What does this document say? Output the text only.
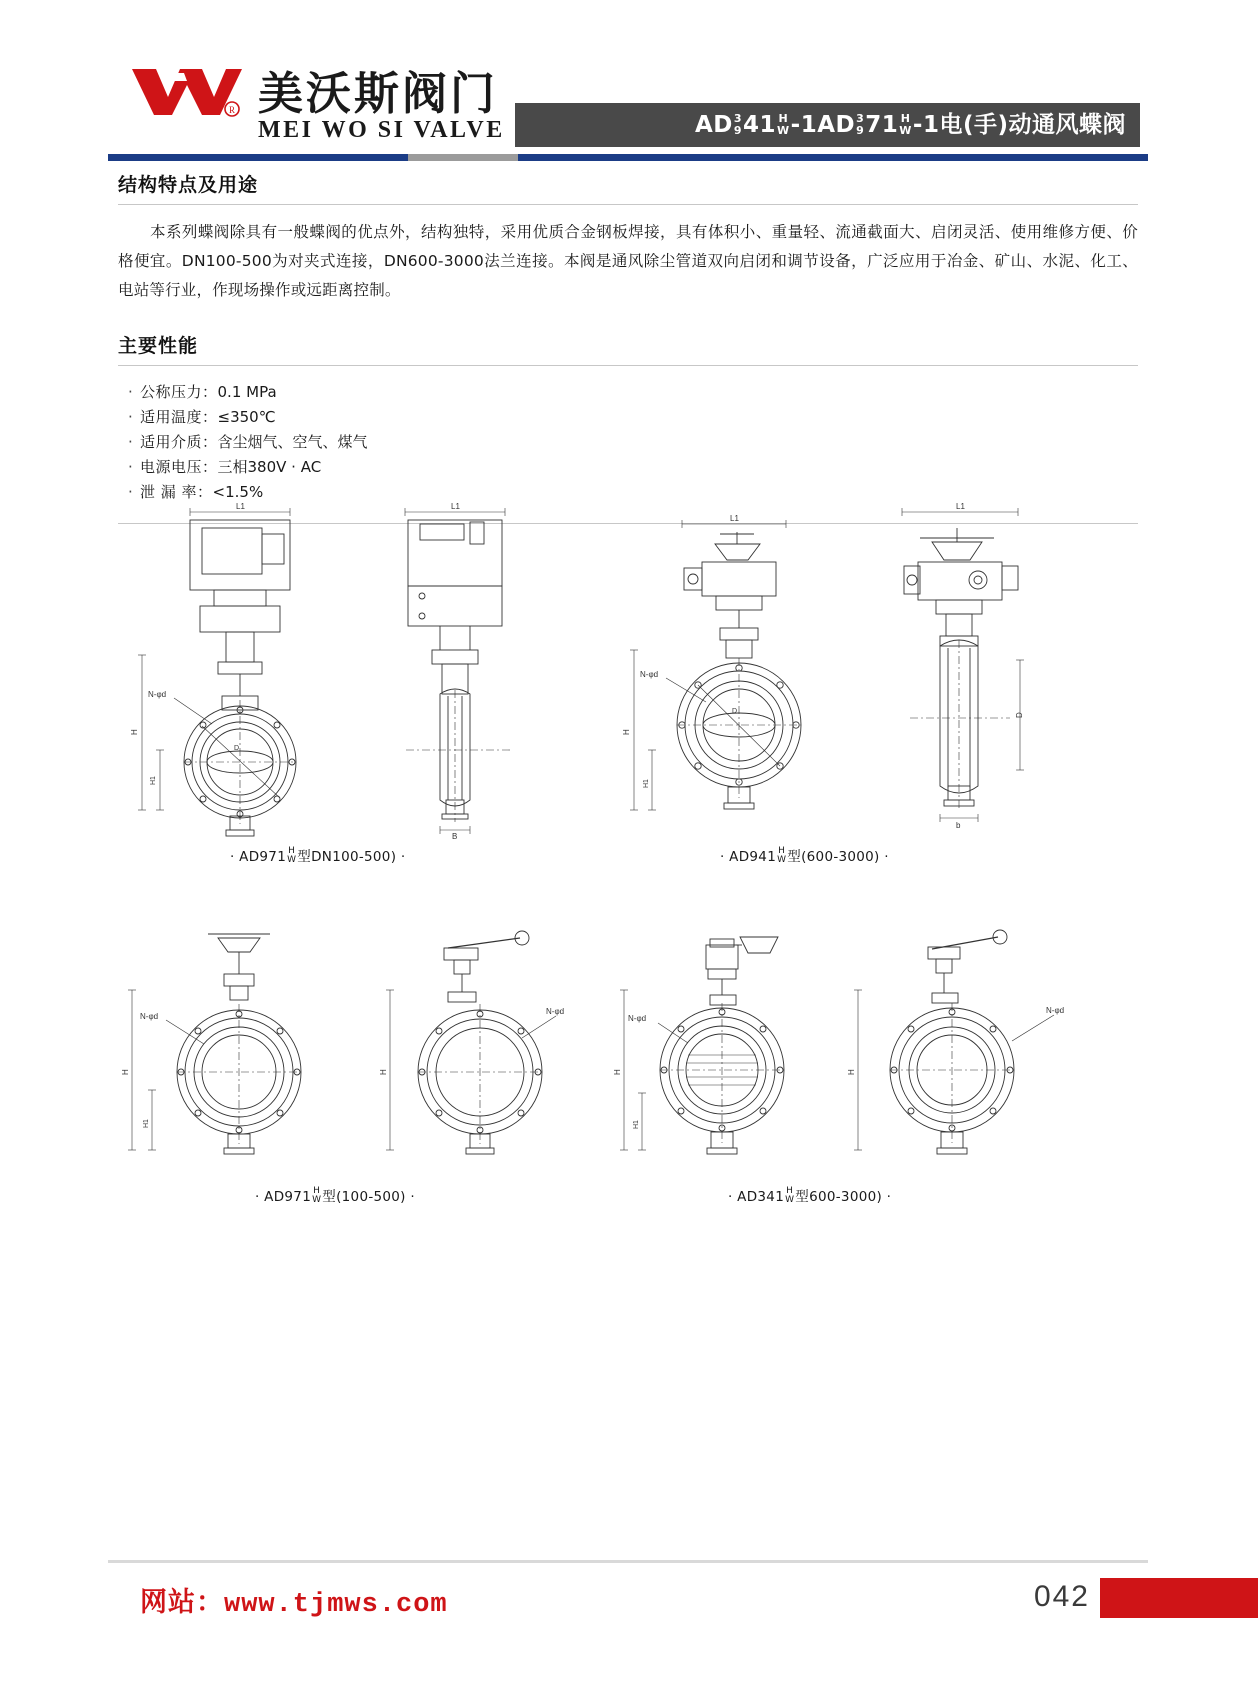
R 美沃斯阀门
MEI WO SI VALVE	AD 3
9 41 H
W -1AD 3
9 71 H
W -1电(手)动通风蝶阀
结构特点及用途
本系列蝶阀除具有一般蝶阀的优点外，结构独特，采用优质合金钢板焊接，具有体积小、重量轻、流通截面大、启闭灵活、使用维修方便、价格便宜。DN100-500为对夹式连接，DN600-3000法兰连接。本阀是通风除尘管道双向启闭和调节设备，广泛应用于冶金、矿山、水泥、化工、电站等行业，作现场操作或远距离控制。
主要性能
· 公称压力：0.1 MPa
· 适用温度：≤350℃
· 适用介质：含尘烟气、空气、煤气
· 电源电压：三相380V · AC
· 泄 漏 率：<1.5%
H
H1
L1
N-φd
D
L1
B
H
H1
L1
N-φd
D
L1
D
b
· AD971 H
W 型DN100-500) ·	· AD941 H
W 型(600-3000) ·
H
H1
N-φd
H
N-φd
H
H1
N-φd
H
N-φd
· AD971 H
W 型(100-500) ·	· AD341 H
W 型600-3000) ·
网站：www.tjmws.com	042
